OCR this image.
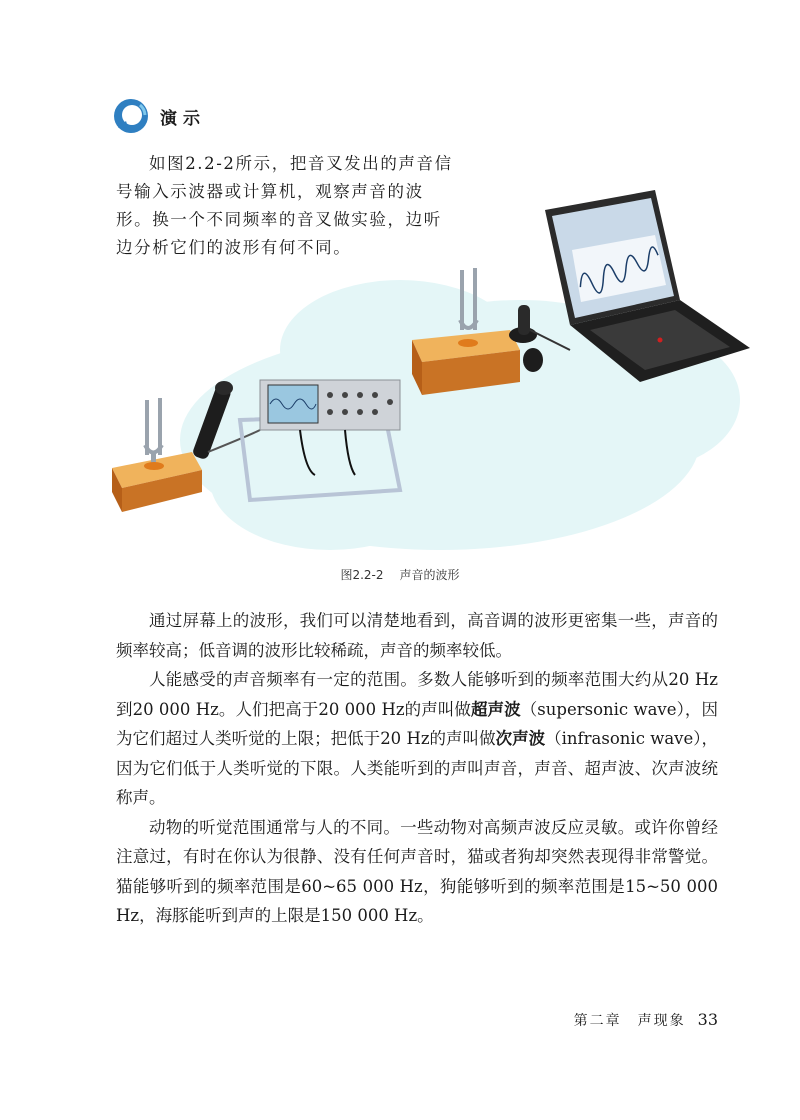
演示

如图2.2-2所示，把音叉发出的声音信号输入示波器或计算机，观察声音的波形。换一个不同频率的音叉做实验，边听边分析它们的波形有何不同。

图2.2-2 声音的波形

通过屏幕上的波形，我们可以清楚地看到，高音调的波形更密集一些，声音的频率较高；低音调的波形比较稀疏，声音的频率较低。

人能感受的声音频率有一定的范围。多数人能够听到的频率范围大约从20 Hz到20 000 Hz。人们把高于20 000 Hz的声叫做超声波（supersonic wave），因为它们超过人类听觉的上限；把低于20 Hz的声叫做次声波（infrasonic wave），因为它们低于人类听觉的下限。人类能听到的声叫声音，声音、超声波、次声波统称声。

动物的听觉范围通常与人的不同。一些动物对高频声波反应灵敏。或许你曾经注意过，有时在你认为很静、没有任何声音时，猫或者狗却突然表现得非常警觉。猫能够听到的频率范围是60~65 000 Hz，狗能够听到的频率范围是15~50 000 Hz，海豚能听到声的上限是150 000 Hz。

第二章　声现象 33
